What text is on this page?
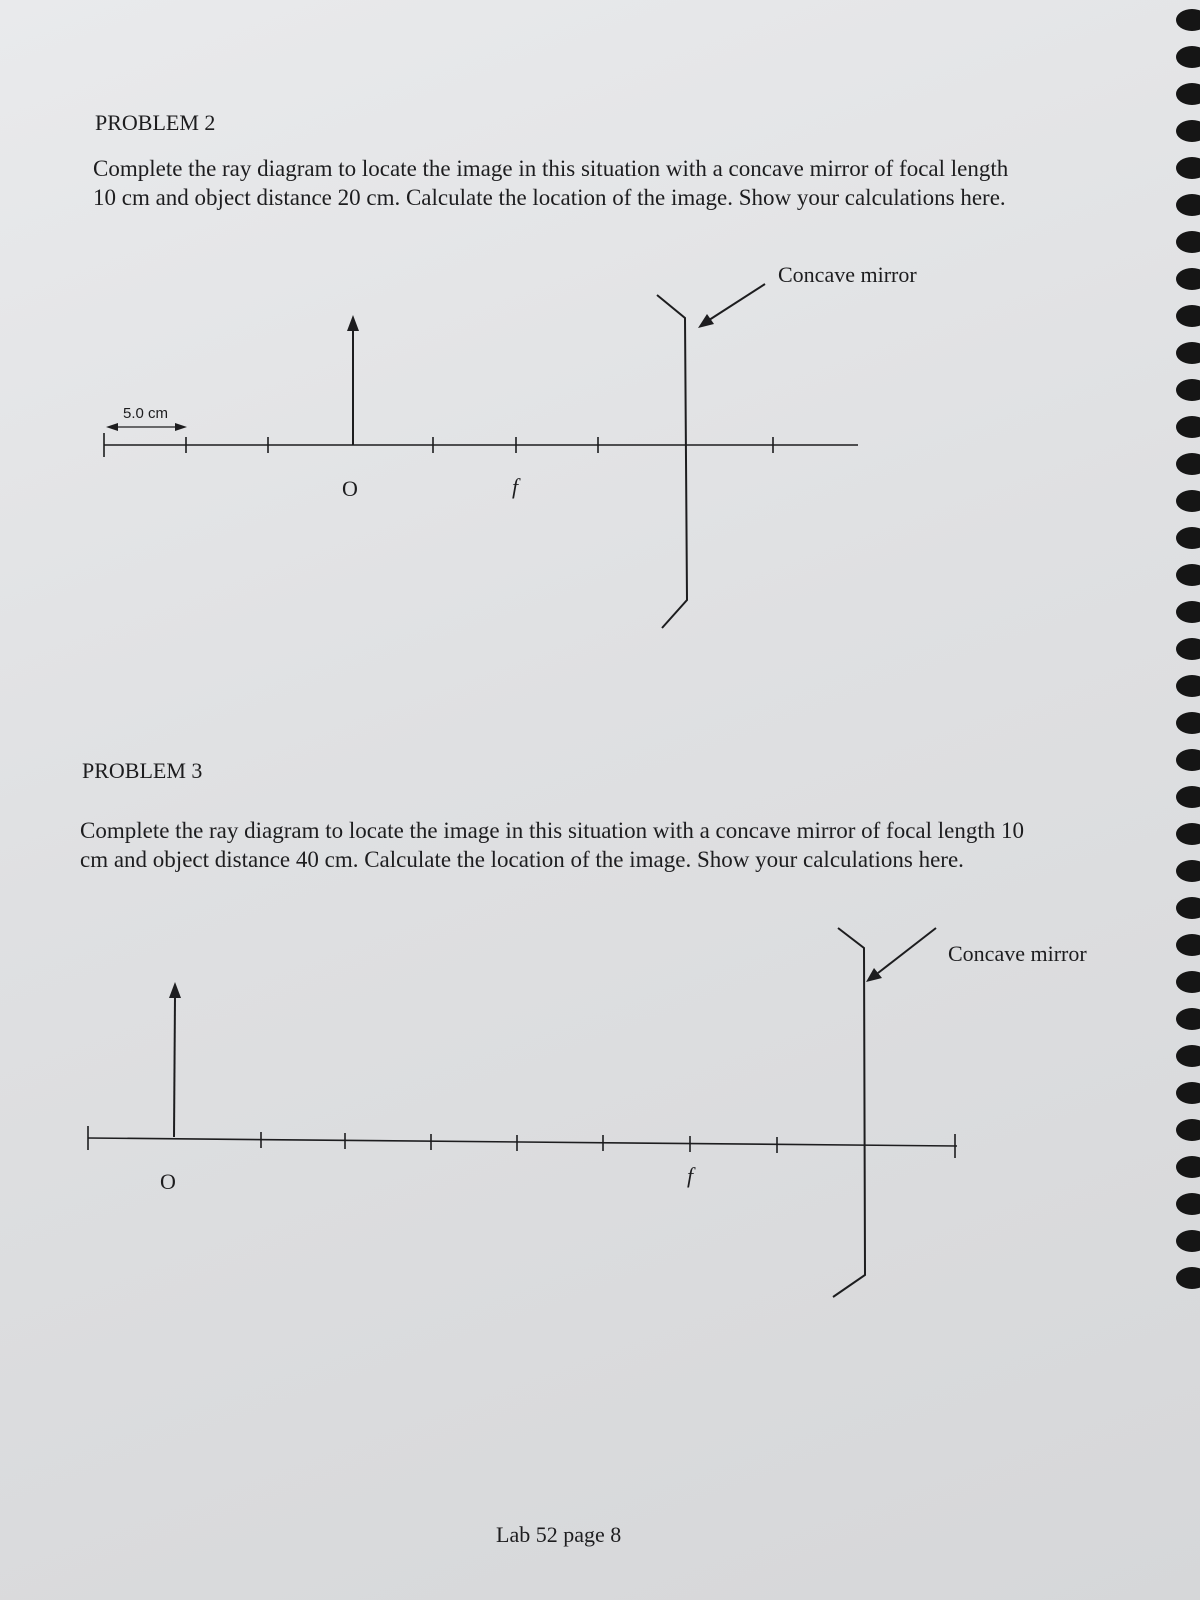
PROBLEM 2
Complete the ray diagram to locate the image in this situation with a concave mirror of focal length 10 cm and object distance 20 cm. Calculate the location of the image. Show your calculations here.
5.0 cm
O	f
Concave mirror
PROBLEM 3
Complete the ray diagram to locate the image in this situation with a concave mirror of focal length 10 cm and object distance 40 cm. Calculate the location of the image. Show your calculations here.
O	f
Concave mirror
Lab 52 page 8
